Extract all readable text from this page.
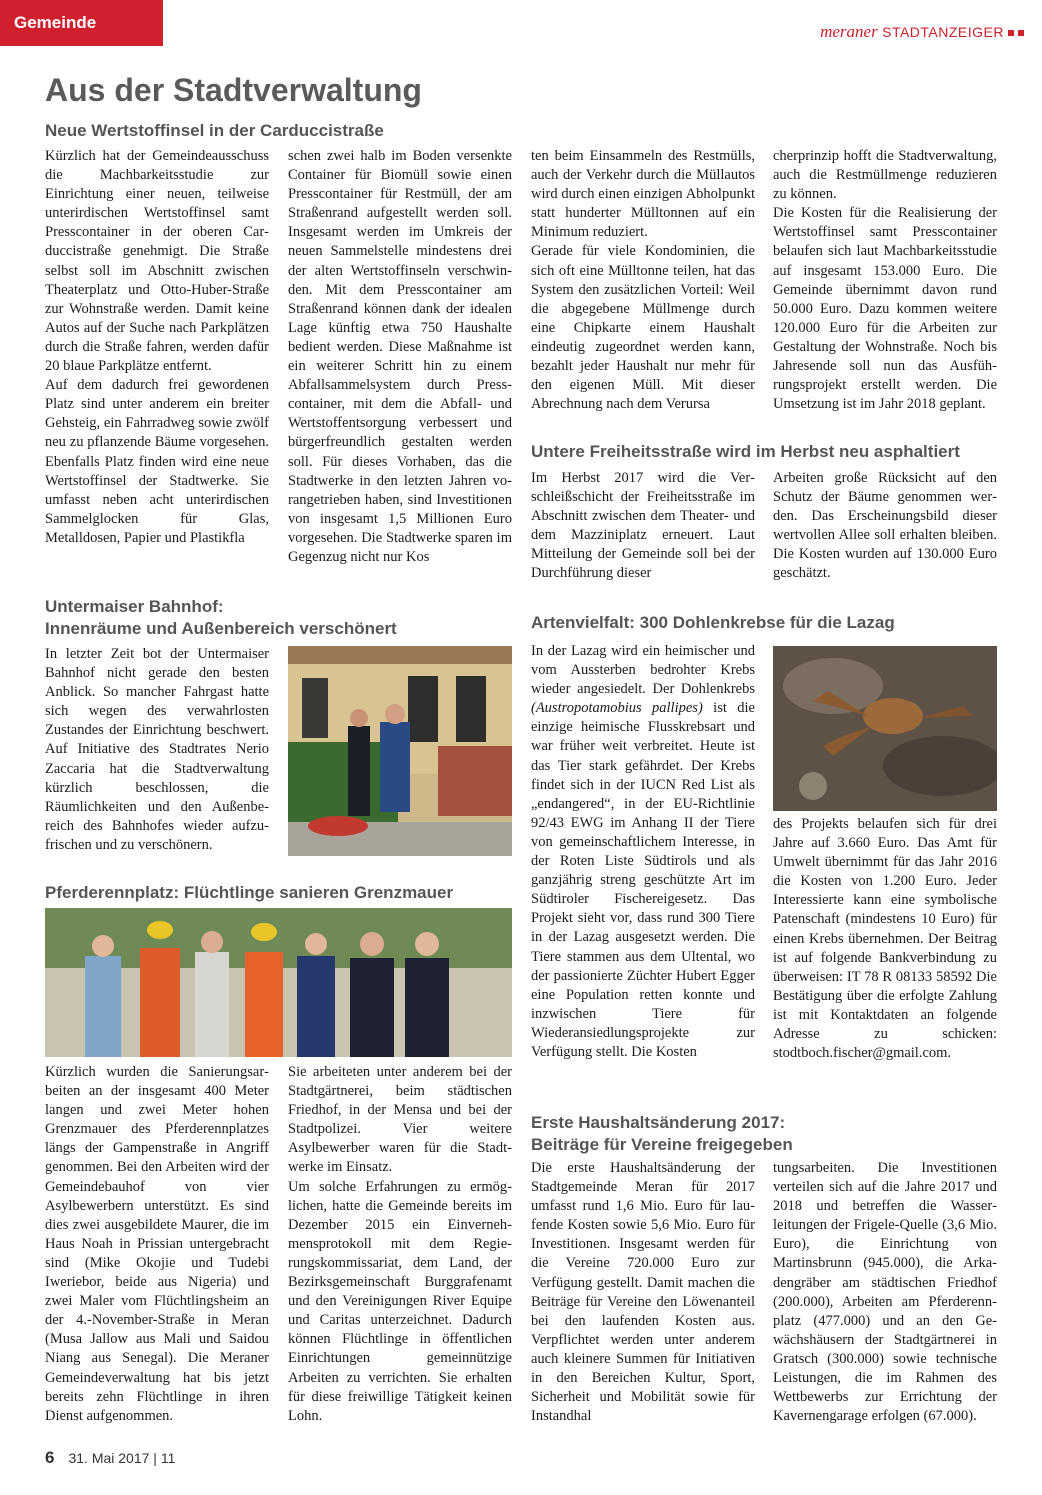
Gemeinde	meraner STADTANZEIGER
Aus der Stadtverwaltung
Neue Wertstoffinsel in der Carduccistraße

Kürzlich hat der Gemeindeausschuss die Machbarkeitsstudie zur Einrichtung einer neuen, teilweise unterirdischen Wertstoffinsel samt Presscontainer in der oberen Carduccistraße genehmigt. Die Straße selbst soll im Abschnitt zwischen Theaterplatz und Otto-Huber-Straße zur Wohnstraße werden. Damit keine Autos auf der Suche nach Parkplätzen durch die Straße fahren, werden dafür 20 blaue Parkplätze entfernt.

Auf dem dadurch frei gewordenen Platz sind unter anderem ein breiter Gehsteig, ein Fahrradweg sowie zwölf neu zu pflanzende Bäume vorgesehen. Ebenfalls Platz finden wird eine neue Wertstoffinsel der Stadtwerke. Sie umfasst neben acht unterirdischen Sammelglocken für Glas, Metalldosen, Papier und Plastikfla

schen zwei halb im Boden versenkte Container für Biomüll sowie einen Presscontainer für Restmüll, der am Straßenrand aufgestellt werden soll. Insgesamt werden im Umkreis der neuen Sammelstelle mindestens drei der alten Wertstoffinseln verschwinden. Mit dem Presscontainer am Straßenrand können dank der idealen Lage künftig etwa 750 Haushalte bedient werden. Diese Maßnahme ist ein weiterer Schritt hin zu einem Abfallsammelsystem durch Presscontainer, mit dem die Abfall- und Wertstoffentsorgung verbessert und bürgerfreundlich gestalten werden soll. Für dieses Vorhaben, das die Stadtwerke in den letzten Jahren vorangetrieben haben, sind Investitionen von insgesamt 1,5 Millionen Euro vorgesehen. Die Stadtwerke sparen im Gegenzug nicht nur Kos

ten beim Einsammeln des Restmülls, auch der Verkehr durch die Müllautos wird durch einen einzigen Abholpunkt statt hunderter Mülltonnen auf ein Minimum reduziert.

Gerade für viele Kondominien, die sich oft eine Mülltonne teilen, hat das System den zusätzlichen Vorteil: Weil die abgegebene Müllmenge durch eine Chipkarte einem Haushalt eindeutig zugeordnet werden kann, bezahlt jeder Haushalt nur mehr für den eigenen Müll. Mit dieser Abrechnung nach dem Verursa

cherprinzip hofft die Stadtverwaltung, auch die Restmüllmenge reduzieren zu können.

Die Kosten für die Realisierung der Wertstoffinsel samt Presscontainer belaufen sich laut Machbarkeitsstudie auf insgesamt 153.000 Euro. Die Gemeinde übernimmt davon rund 50.000 Euro. Dazu kommen weitere 120.000 Euro für die Arbeiten zur Gestaltung der Wohnstraße. Noch bis Jahresende soll nun das Ausführungsprojekt erstellt werden. Die Umsetzung ist im Jahr 2018 geplant.

Untere Freiheitsstraße wird im Herbst neu asphaltiert

Im Herbst 2017 wird die Verschleißschicht der Freiheitsstraße im Abschnitt zwischen dem Theater- und dem Mazziniplatz erneuert. Laut Mitteilung der Gemeinde soll bei der Durchführung dieser

Arbeiten große Rücksicht auf den Schutz der Bäume genommen werden. Das Erscheinungsbild dieser wertvollen Allee soll erhalten bleiben. Die Kosten wurden auf 130.000 Euro geschätzt.

Untermaiser Bahnhof:
Innenräume und Außenbereich verschönert

In letzter Zeit bot der Untermaiser Bahnhof nicht gerade den besten Anblick. So mancher Fahrgast hatte sich wegen des verwahrlosten Zustandes der Einrichtung beschwert. Auf Initiative des Stadtrates Nerio Zaccaria hat die Stadtverwaltung kürzlich beschlossen, die Räumlichkeiten und den Außenbereich des Bahnhofes wieder aufzufrischen und zu verschönern.

Artenvielfalt: 300 Dohlenkrebse für die Lazag

In der Lazag wird ein heimischer und vom Aussterben bedrohter Krebs wieder angesiedelt. Der Dohlenkrebs (Austropotamobius pallipes) ist die einzige heimische Flusskrebsart und war früher weit verbreitet. Heute ist das Tier stark gefährdet. Der Krebs findet sich in der IUCN Red List als „endangered“, in der EU-Richtlinie 92/43 EWG im Anhang II der Tiere von gemeinschaftlichem Interesse, in der Roten Liste Südtirols und als ganzjährig streng geschützte Art im Südtiroler Fischereigesetz. Das Projekt sieht vor, dass rund 300 Tiere in der Lazag ausgesetzt werden. Die Tiere stammen aus dem Ultental, wo der passionierte Züchter Hubert Egger eine Population retten konnte und inzwischen Tiere für Wiederansiedlungsprojekte zur Verfügung stellt. Die Kosten

des Projekts belaufen sich für drei Jahre auf 3.660 Euro. Das Amt für Umwelt übernimmt für das Jahr 2016 die Kosten von 1.200 Euro. Jeder Interessierte kann eine symbolische Patenschaft (mindestens 10 Euro) für einen Krebs übernehmen. Der Beitrag ist auf folgende Bankverbindung zu überweisen: IT 78 R 08133 58592 Die Bestätigung über die erfolgte Zahlung ist mit Kontaktdaten an folgende Adresse zu schicken: stodtboch.fischer@gmail.com.

Pferderennplatz: Flüchtlinge sanieren Grenzmauer

Kürzlich wurden die Sanierungsarbeiten an der insgesamt 400 Meter langen und zwei Meter hohen Grenzmauer des Pferderennplatzes längs der Gampenstraße in Angriff genommen. Bei den Arbeiten wird der Gemeindebauhof von vier Asylbewerbern unterstützt. Es sind dies zwei ausgebildete Maurer, die im Haus Noah in Prissian untergebracht sind (Mike Okojie und Tudebi Iweriebor, beide aus Nigeria) und zwei Maler vom Flüchtlingsheim an der 4.-November-Straße in Meran (Musa Jallow aus Mali und Saidou Niang aus Senegal). Die Meraner Gemeindeverwaltung hat bis jetzt bereits zehn Flüchtlinge in ihren Dienst aufgenommen.

Sie arbeiteten unter anderem bei der Stadtgärtnerei, beim städtischen Friedhof, in der Mensa und bei der Stadtpolizei. Vier weitere Asylbewerber waren für die Stadtwerke im Einsatz.

Um solche Erfahrungen zu ermöglichen, hatte die Gemeinde bereits im Dezember 2015 ein Einvernehmensprotokoll mit dem Regierungskommissariat, dem Land, der Bezirksgemeinschaft Burggrafenamt und den Vereinigungen River Equipe und Caritas unterzeichnet. Dadurch können Flüchtlinge in öffentlichen Einrichtungen gemeinnützige Arbeiten zu verrichten. Sie erhalten für diese freiwillige Tätigkeit keinen Lohn.

Erste Haushaltsänderung 2017:
Beiträge für Vereine freigegeben

Die erste Haushaltsänderung der Stadtgemeinde Meran für 2017 umfasst rund 1,6 Mio. Euro für laufende Kosten sowie 5,6 Mio. Euro für Investitionen. Insgesamt werden für die Vereine 720.000 Euro zur Verfügung gestellt. Damit machen die Beiträge für Vereine den Löwenanteil bei den laufenden Kosten aus. Verpflichtet werden unter anderem auch kleinere Summen für Initiativen in den Bereichen Kultur, Sport, Sicherheit und Mobilität sowie für Instandhal

tungsarbeiten. Die Investitionen verteilen sich auf die Jahre 2017 und 2018 und betreffen die Wasserleitungen der Frigele-Quelle (3,6 Mio. Euro), die Einrichtung von Martinsbrunn (945.000), die Arkadengräber am städtischen Friedhof (200.000), Arbeiten am Pferderennplatz (477.000) und an den Gewächshäusern der Stadtgärtnerei in Gratsch (300.000) sowie technische Leistungen, die im Rahmen des Wettbewerbs zur Errichtung der Kavernengarage erfolgen (67.000).

6 31. Mai 2017 | 11
